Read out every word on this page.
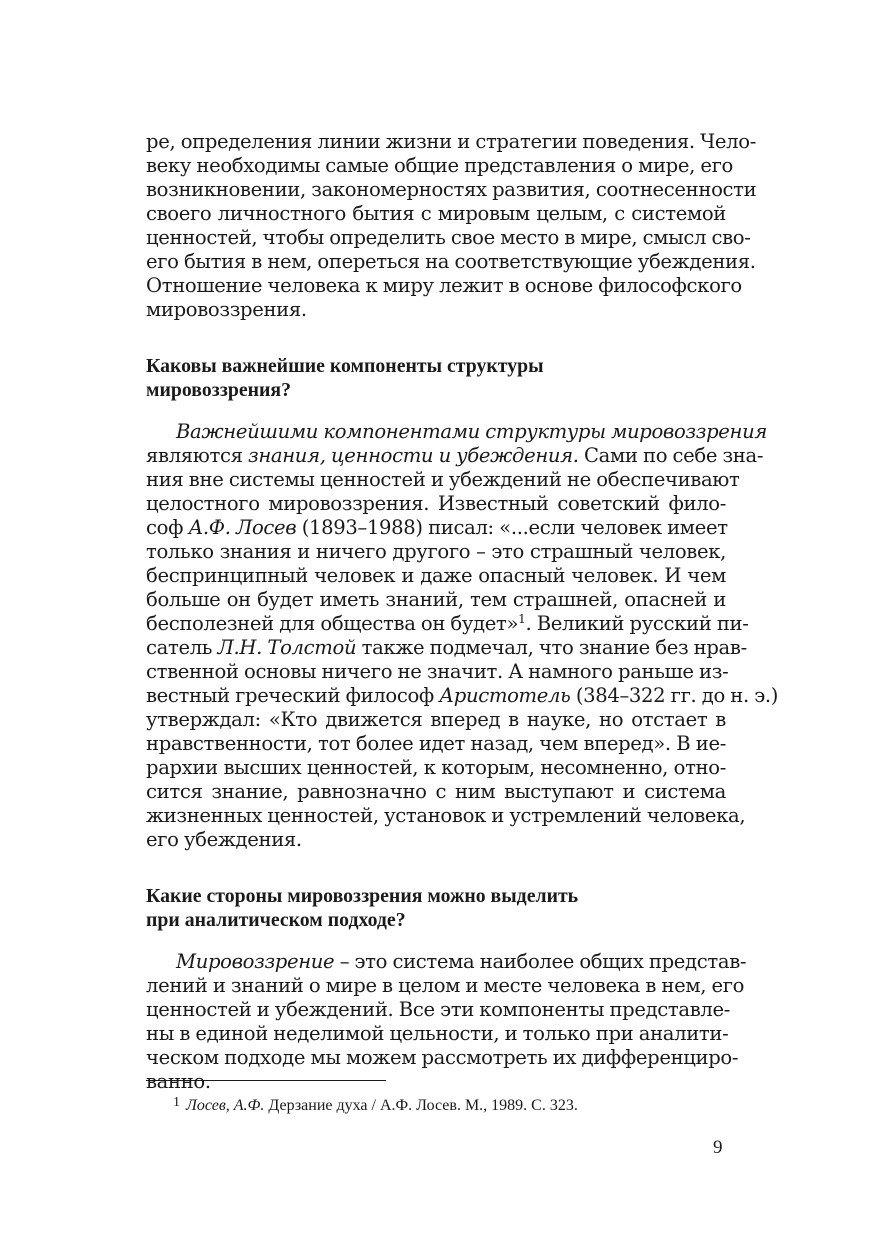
ре, определения линии жизни и стратегии поведения. Чело-
веку необходимы самые общие представления о мире, его
возникновении, закономерностях развития, соотнесенности
своего личностного бытия с мировым целым, с системой
ценностей, чтобы определить свое место в мире, смысл сво-
его бытия в нем, опереться на соответствующие убеждения.
Отношение человека к миру лежит в основе философского
мировоззрения.
Каковы важнейшие компоненты структуры
мировоззрения?
Важнейшими компонентами структуры мировоззрения
являются знания, ценности и убеждения. Сами по себе зна-
ния вне системы ценностей и убеждений не обеспечивают
целостного мировоззрения. Известный советский фило-
соф А.Ф. Лосев (1893–1988) писал: «...если человек имеет
только знания и ничего другого – это страшный человек,
беспринципный человек и даже опасный человек. И чем
больше он будет иметь знаний, тем страшней, опасней и
бесполезней для общества он будет»$^1$. Великий русский пи-
сатель Л.Н. Толстой также подмечал, что знание без нрав-
ственной основы ничего не значит. А намного раньше из-
вестный греческий философ Аристотель (384–322 гг. до н. э.)
утверждал: «Кто движется вперед в науке, но отстает в
нравственности, тот более идет назад, чем вперед». В ие-
рархии высших ценностей, к которым, несомненно, отно-
сится знание, равнозначно с ним выступают и система
жизненных ценностей, установок и устремлений человека,
его убеждения.
Какие стороны мировоззрения можно выделить
при аналитическом подходе?
Мировоззрение – это система наиболее общих представ-
лений и знаний о мире в целом и месте человека в нем, его
ценностей и убеждений. Все эти компоненты представле-
ны в единой неделимой цельности, и только при аналити-
ческом подходе мы можем рассмотреть их дифференциро-
ванно.
$^1$ Лосев, А.Ф. Дерзание духа / А.Ф. Лосев. М., 1989. С. 323.
9
